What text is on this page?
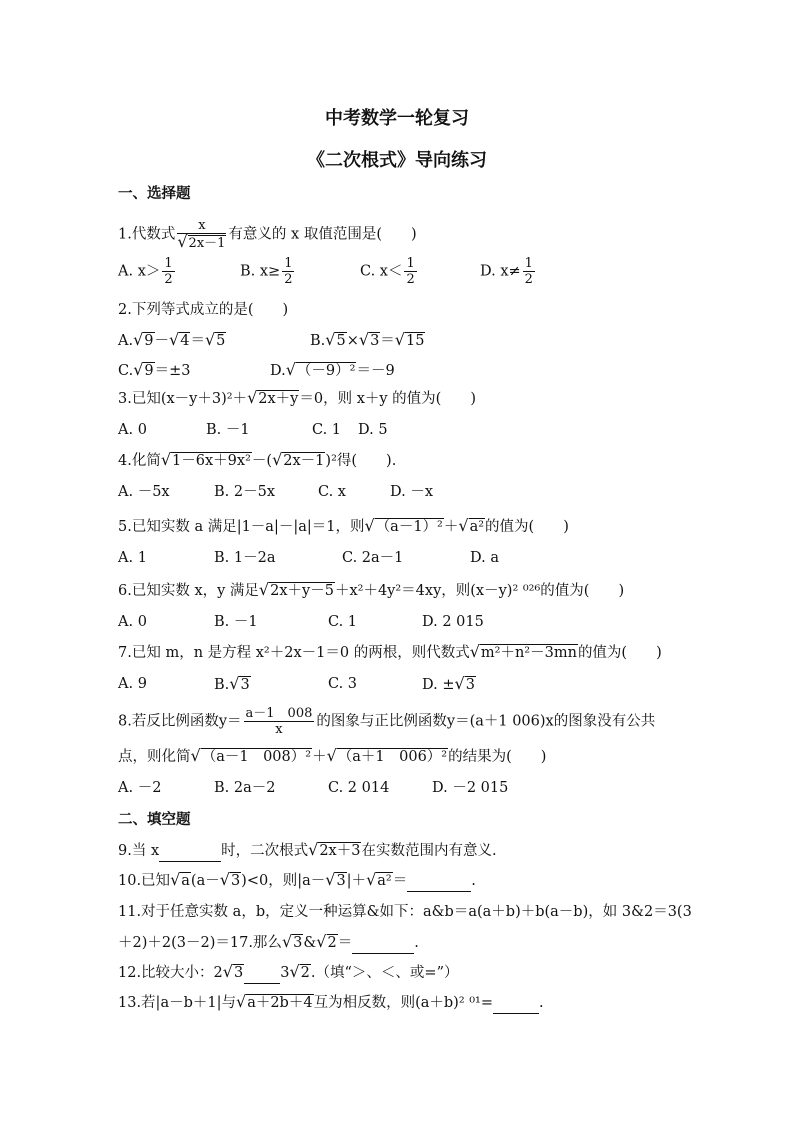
中考数学一轮复习
《二次根式》导向练习
一、选择题
1.代数式 $\frac{x}{√2x-1}$ 有意义的 x 取值范围是(　　)
A. $x> \frac{1}{2}$	B. $x\ge \frac{1}{2}$	C. $x< \frac{1}{2}$	D. $x\ne \frac{1}{2}$
2.下列等式成立的是(　　)
A.√9－√4＝√5	B.√5×√3＝√15
C.√9＝±3	D.√（－9）²＝－9
3.已知(x－y＋3)²＋√2x＋y＝0，则 x＋y 的值为(　　)
A. 0	B. －1	C. 1 D. 5
4.化简√1－6x＋9x²－(√2x－1)²得(　　).
A. －5x	B. 2－5x	C. x	D. －x
5.已知实数 a 满足|1－a|－|a|＝1，则√（a－1）²＋√a²的值为(　　)
A. 1	B. 1－2a	C. 2a－1	D. a
6.已知实数 x，y 满足√2x＋y－5＋x²＋4y²＝4xy，则(x－y)² ⁰²⁶的值为(　　)
A. 0	B. －1	C. 1	D. 2 015
7.已知 m，n 是方程 x²＋2x－1＝0 的两根，则代数式√m²＋n²－3mn的值为(　　)
A. 9	B.√3	C. 3	D. ±√3
8.若反比例函数$y= \frac{a-1 008}{x}$ 的图象与正比例函数y＝(a＋1 006)x的图象没有公共
点，则化简√（a－1　008）²＋√（a＋1　006）²的结果为(　　)
A. －2	B. 2a－2	C. 2 014	D. －2 015
二、填空题
9.当 x	时，二次根式√2x＋3在实数范围内有意义.
10.已知√a(a－√3)<0，则|a－√3|＋√a²＝	.
11.对于任意实数 a，b，定义一种运算&如下：a&b＝a(a＋b)＋b(a－b)，如 3&2＝3(3
＋2)＋2(3－2)＝17.那么√3&√2＝	.
12.比较大小：2√3	3√2.（填“＞、＜、或=”）
13.若|a－b＋1|与√a＋2b＋4互为相反数，则(a＋b)² ⁰¹=	.
